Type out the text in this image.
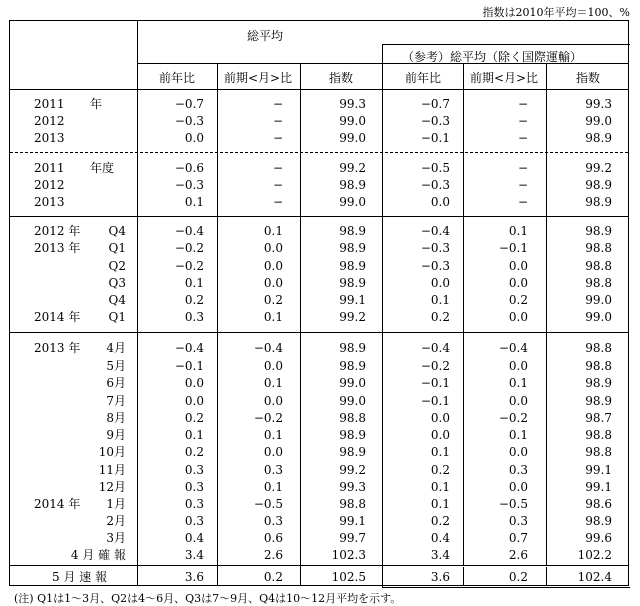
指数は2010年平均＝100、%
総平均
（参考）総平均（除く国際運輸）
前年比 前期<月>比	指数	前年比 前期<月>比	指数
2011 年	−0.7	−	99.3	−0.7	−	99.3
2012	−0.3	−	99.0	−0.3	−	99.0
2013	0.0	−	99.0	−0.1	−	98.9
2011 年度	−0.6	−	99.2	−0.5	−	99.2
2012	−0.3	−	98.9	−0.3	−	98.9
2013	0.1	−	99.0	0.0	−	98.9
2012 年 Q4	−0.4	0.1	98.9	−0.4	0.1	98.9
2013 年 Q1	−0.2	0.0	98.9	−0.3	−0.1	98.8
Q2	−0.2	0.0	98.9	−0.3	0.0	98.8
Q3	0.1	0.0	98.9	0.0	0.0	98.8
Q4	0.2	0.2	99.1	0.1	0.2	99.0
2014 年 Q1	0.3	0.1	99.2	0.2	0.0	99.0
2013 年 4月	−0.4	−0.4	98.9	−0.4	−0.4	98.8
5月	−0.1	0.0	98.9	−0.2	0.0	98.8
6月	0.0	0.1	99.0	−0.1	0.1	98.9
7月	0.0	0.0	99.0	−0.1	0.0	98.9
8月	0.2	−0.2	98.8	0.0	−0.2	98.7
9月	0.1	0.1	98.9	0.0	0.1	98.8
10月	0.2	0.0	98.9	0.1	0.0	98.8
11月	0.3	0.3	99.2	0.2	0.3	99.1
12月	0.3	0.1	99.3	0.1	0.0	99.1
2014 年 1月	0.3	−0.5	98.8	0.1	−0.5	98.6
2月	0.3	0.3	99.1	0.2	0.3	98.9
3月	0.4	0.6	99.7	0.4	0.7	99.6
4 月 確 報	3.4	2.6	102.3	3.4	2.6	102.2
5 月 速 報	3.6	0.2	102.5	3.6	0.2	102.4
(注) Q1は1～3月、Q2は4～6月、Q3は7～9月、Q4は10～12月平均を示す。
